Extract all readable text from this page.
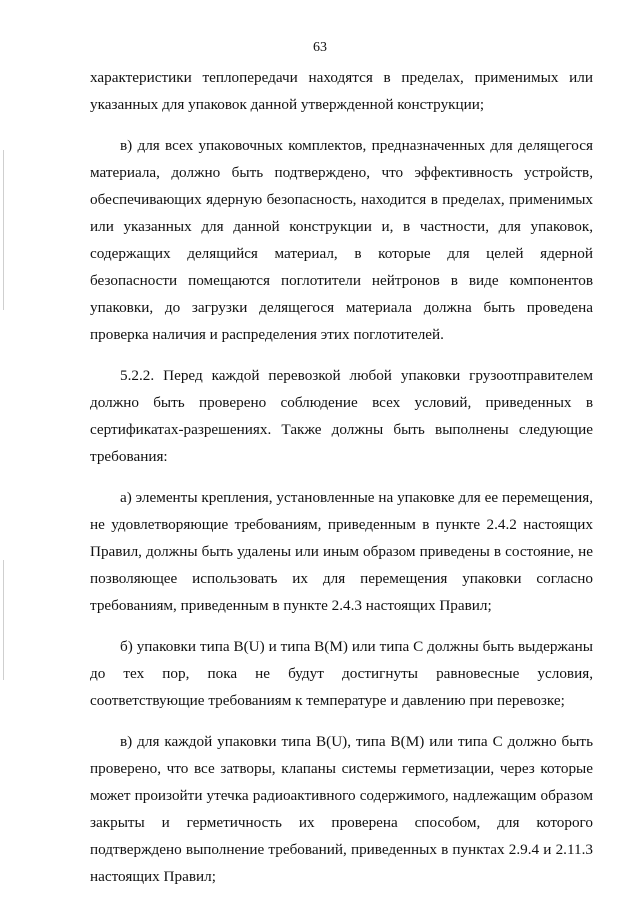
63

характеристики теплопередачи находятся в пределах, применимых или указанных для упаковок данной утвержденной конструкции;

в) для всех упаковочных комплектов, предназначенных для делящегося материала, должно быть подтверждено, что эффективность устройств, обеспечивающих ядерную безопасность, находится в пределах, применимых или указанных для данной конструкции и, в частности, для упаковок, содержащих делящийся материал, в которые для целей ядерной безопасности помещаются поглотители нейтронов в виде компонентов упаковки, до загрузки делящегося материала должна быть проведена проверка наличия и распределения этих поглотителей.

5.2.2. Перед каждой перевозкой любой упаковки грузоотправителем должно быть проверено соблюдение всех условий, приведенных в сертификатах-разрешениях. Также должны быть выполнены следующие требования:

а) элементы крепления, установленные на упаковке для ее перемещения, не удовлетворяющие требованиям, приведенным в пункте 2.4.2 настоящих Правил, должны быть удалены или иным образом приведены в состояние, не позволяющее использовать их для перемещения упаковки согласно требованиям, приведенным в пункте 2.4.3 настоящих Правил;

б) упаковки типа B(U) и типа B(M) или типа C должны быть выдержаны до тех пор, пока не будут достигнуты равновесные условия, соответствующие требованиям к температуре и давлению при перевозке;

в) для каждой упаковки типа B(U), типа B(M) или типа C должно быть проверено, что все затворы, клапаны системы герметизации, через которые может произойти утечка радиоактивного содержимого, надлежащим образом закрыты и герметичность их проверена способом, для которого подтверждено выполнение требований, приведенных в пунктах 2.9.4 и 2.11.3 настоящих Правил;
